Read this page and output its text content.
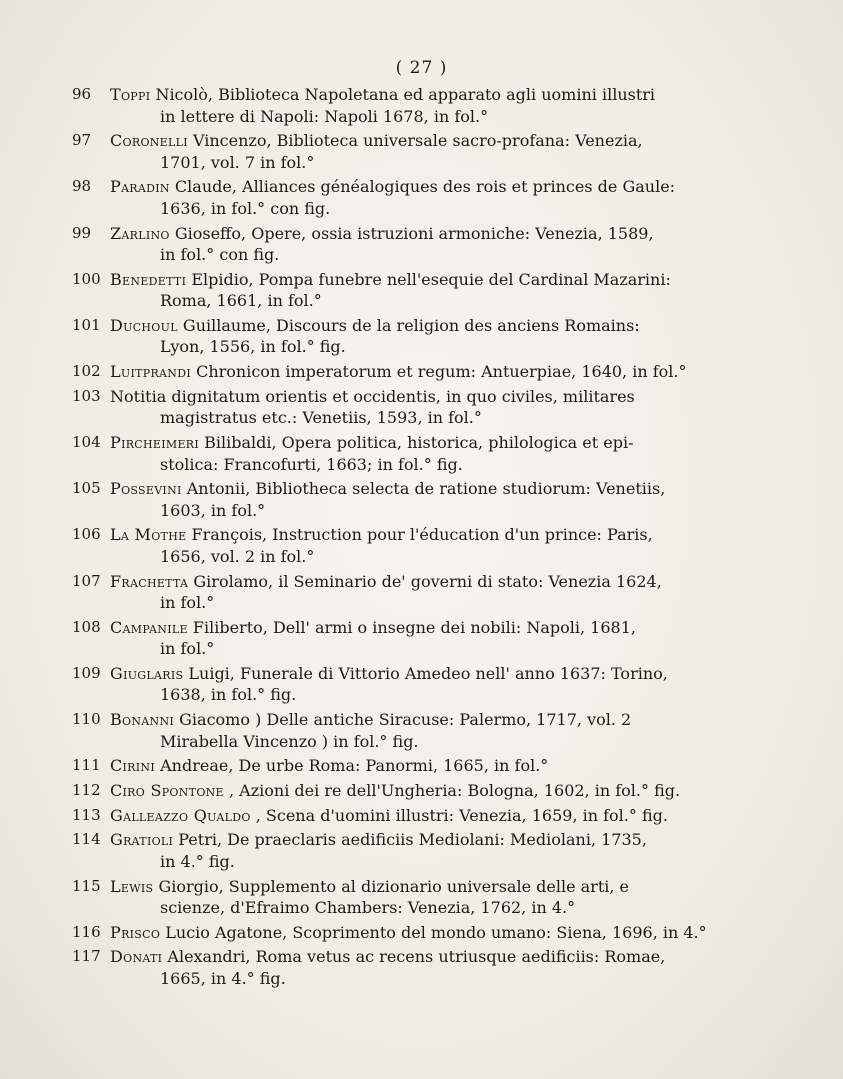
( 27 )
96	Toppi Nicolò, Biblioteca Napoletana ed apparato agli uomini illustri
in lettere di Napoli: Napoli 1678, in fol.°
97	Coronelli Vincenzo, Biblioteca universale sacro-profana: Venezia,
1701, vol. 7 in fol.°
98	Paradin Claude, Alliances généalogiques des rois et princes de Gaule:
1636, in fol.° con fig.
99	Zarlino Gioseffo, Opere, ossia istruzioni armoniche: Venezia, 1589,
in fol.° con fig.
100 Benedetti Elpidio, Pompa funebre nell'esequie del Cardinal Mazarini:
Roma, 1661, in fol.°
101 Duchoul Guillaume, Discours de la religion des anciens Romains:
Lyon, 1556, in fol.° fig.
102 Luitprandi Chronicon imperatorum et regum: Antuerpiae, 1640, in fol.°
103 Notitia dignitatum orientis et occidentis, in quo civiles, militares
magistratus etc.: Venetiis, 1593, in fol.°
104 Pircheimeri Bilibaldi, Opera politica, historica, philologica et epi-
stolica: Francofurti, 1663; in fol.° fig.
105 Possevini Antonii, Bibliotheca selecta de ratione studiorum: Venetiis,
1603, in fol.°
106 La Mothe François, Instruction pour l'éducation d'un prince: Paris,
1656, vol. 2 in fol.°
107 Frachetta Girolamo, il Seminario de' governi di stato: Venezia 1624,
in fol.°
108 Campanile Filiberto, Dell' armi o insegne dei nobili: Napoli, 1681,
in fol.°
109 Giuglaris Luigi, Funerale di Vittorio Amedeo nell' anno 1637: Torino,
1638, in fol.° fig.
110 Bonanni Giacomo ) Delle antiche Siracuse: Palermo, 1717, vol. 2
Mirabella Vincenzo ) in fol.° fig.
111 Cirini Andreae, De urbe Roma: Panormi, 1665, in fol.°
112 Ciro Spontone , Azioni dei re dell'Ungheria: Bologna, 1602, in fol.° fig.
113 Galleazzo Qualdo , Scena d'uomini illustri: Venezia, 1659, in fol.° fig.
114 Gratioli Petri, De praeclaris aedificiis Mediolani: Mediolani, 1735,
in 4.° fig.
115 Lewis Giorgio, Supplemento al dizionario universale delle arti, e
scienze, d'Efraimo Chambers: Venezia, 1762, in 4.°
116 Prisco Lucio Agatone, Scoprimento del mondo umano: Siena, 1696, in 4.°
117 Donati Alexandri, Roma vetus ac recens utriusque aedificiis: Romae,
1665, in 4.° fig.
